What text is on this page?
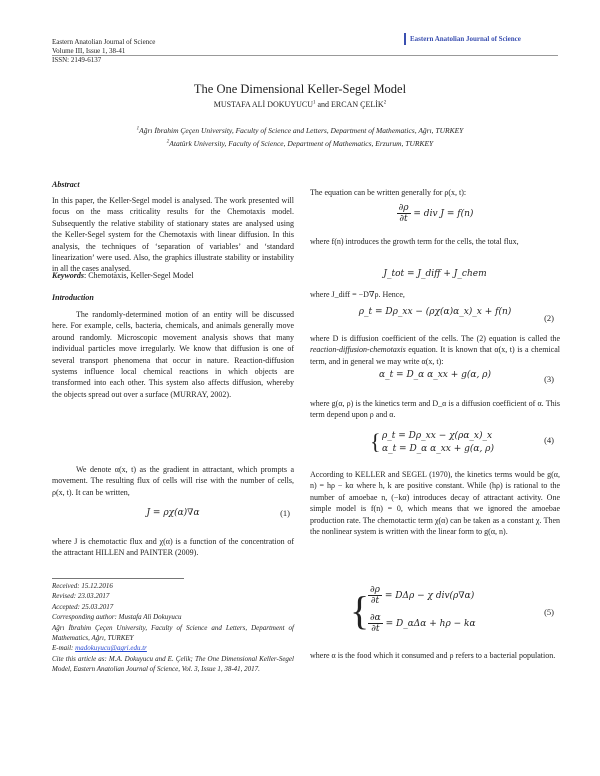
Eastern Anatolian Journal of Science
Volume III, Issue 1, 38-41
ISSN: 2149-6137
Eastern Anatolian Journal of Science
The One Dimensional Keller-Segel Model
MUSTAFA ALİ DOKUYUCU$^1$ and ERCAN ÇELİK$^2$
$^1$Ağrı İbrahim Çeçen University, Faculty of Science and Letters, Department of Mathematics, Ağrı, TURKEY
$^2$Atatürk University, Faculty of Science, Department of Mathematics, Erzurum, TURKEY
Abstract
In this paper, the Keller-Segel model is analysed. The work presented will focus on the mass criticality results for the Chemotaxis model. Subsequently the relative stability of stationary states are analysed using the Keller-Segel system for the Chemotaxis with linear diffusion. In this analysis, the techniques of ‘separation of variables’ and ‘standard linearization’ were used. Also, the graphics illustrate stability or instability in all the cases analysed.
Keywords: Chemotaxis, Keller-Segel Model
Introduction
The randomly-determined motion of an entity will be discussed here. For example, cells, bacteria, chemicals, and animals generally move around randomly. Microscopic movement analysis shows that many individual particles move irregularly. We know that diffusion is one of several transport phenomena that occur in nature. Reaction-diffusion systems influence local chemical reactions in which objects are transformed into each other. This system also affects diffusion, whereby the objects spread out over a surface (MURRAY, 2002).
We denote α(x, t) as the gradient in attractant, which prompts a movement. The resulting flux of cells will rise with the number of cells, ρ(x, t). It can be written,
J = ρχ(α)∇α	(1)
where J is chemotactic flux and χ(α) is a function of the concentration of the attractant HILLEN and PAINTER (2009).
Received: 15.12.2016
Revised: 23.03.2017
Accepted: 25.03.2017
Corresponding author: Mustafa Ali Dokuyucu
Ağrı İbrahim Çeçen University, Faculty of Science and Letters, Department of Mathematics, Ağrı, TURKEY
E-mail: madokuyucu@agri.edu.tr
Cite this article as: M.A. Dokuyucu and E. Çelik; The One Dimensional Keller-Segel Model, Eastern Anatolian Journal of Science, Vol. 3, Issue 1, 38-41, 2017.
The equation can be written generally for ρ(x, t):
$\frac{\partial\rho}{\partial t}$ = div J = f(n)
where f(n) introduces the growth term for the cells, the total flux,
J_tot = J_diff + J_chem
where J_diff = −D∇ρ. Hence,
ρ_t = Dρ_xx − (ρχ(α)α_x)_x + f(n)
(2)
where D is diffusion coefficient of the cells. The (2) equation is called the reaction-diffusion-chemotaxis equation. It is known that α(x, t) is a chemical term, and in general we may write α(x, t):
α_t = D_α α_xx + g(α, ρ)	(3)
where g(α, ρ) is the kinetics term and D_α is a diffusion coefficient of α. This term depend upon ρ and α.
{ ρ_t = Dρ_xx − χ(ρα_x)_x
α_t = D_α α_xx + g(α, ρ)
(4)
According to KELLER and SEGEL (1970), the kinetics terms would be g(α, n) = hρ − kα where h, k are positive constant. While (hρ) is rational to the number of amoebae n, (−kα) introduces decay of attractant activity. One simple model is f(n) = 0, which means that we ignored the amoebae production rate. The chemotactic term χ(α) can be taken as a constant χ. Then the nonlinear system is written with the linear form to g(α, n).
{
$\frac{\partial\rho}{\partial t} = D\Delta\rho - \chi$ div(ρ∇α)
$\frac{\partial\alpha}{\partial t}$ = D_αΔα + hρ − kα
(5)
where α is the food which it consumed and ρ refers to a bacterial population.
